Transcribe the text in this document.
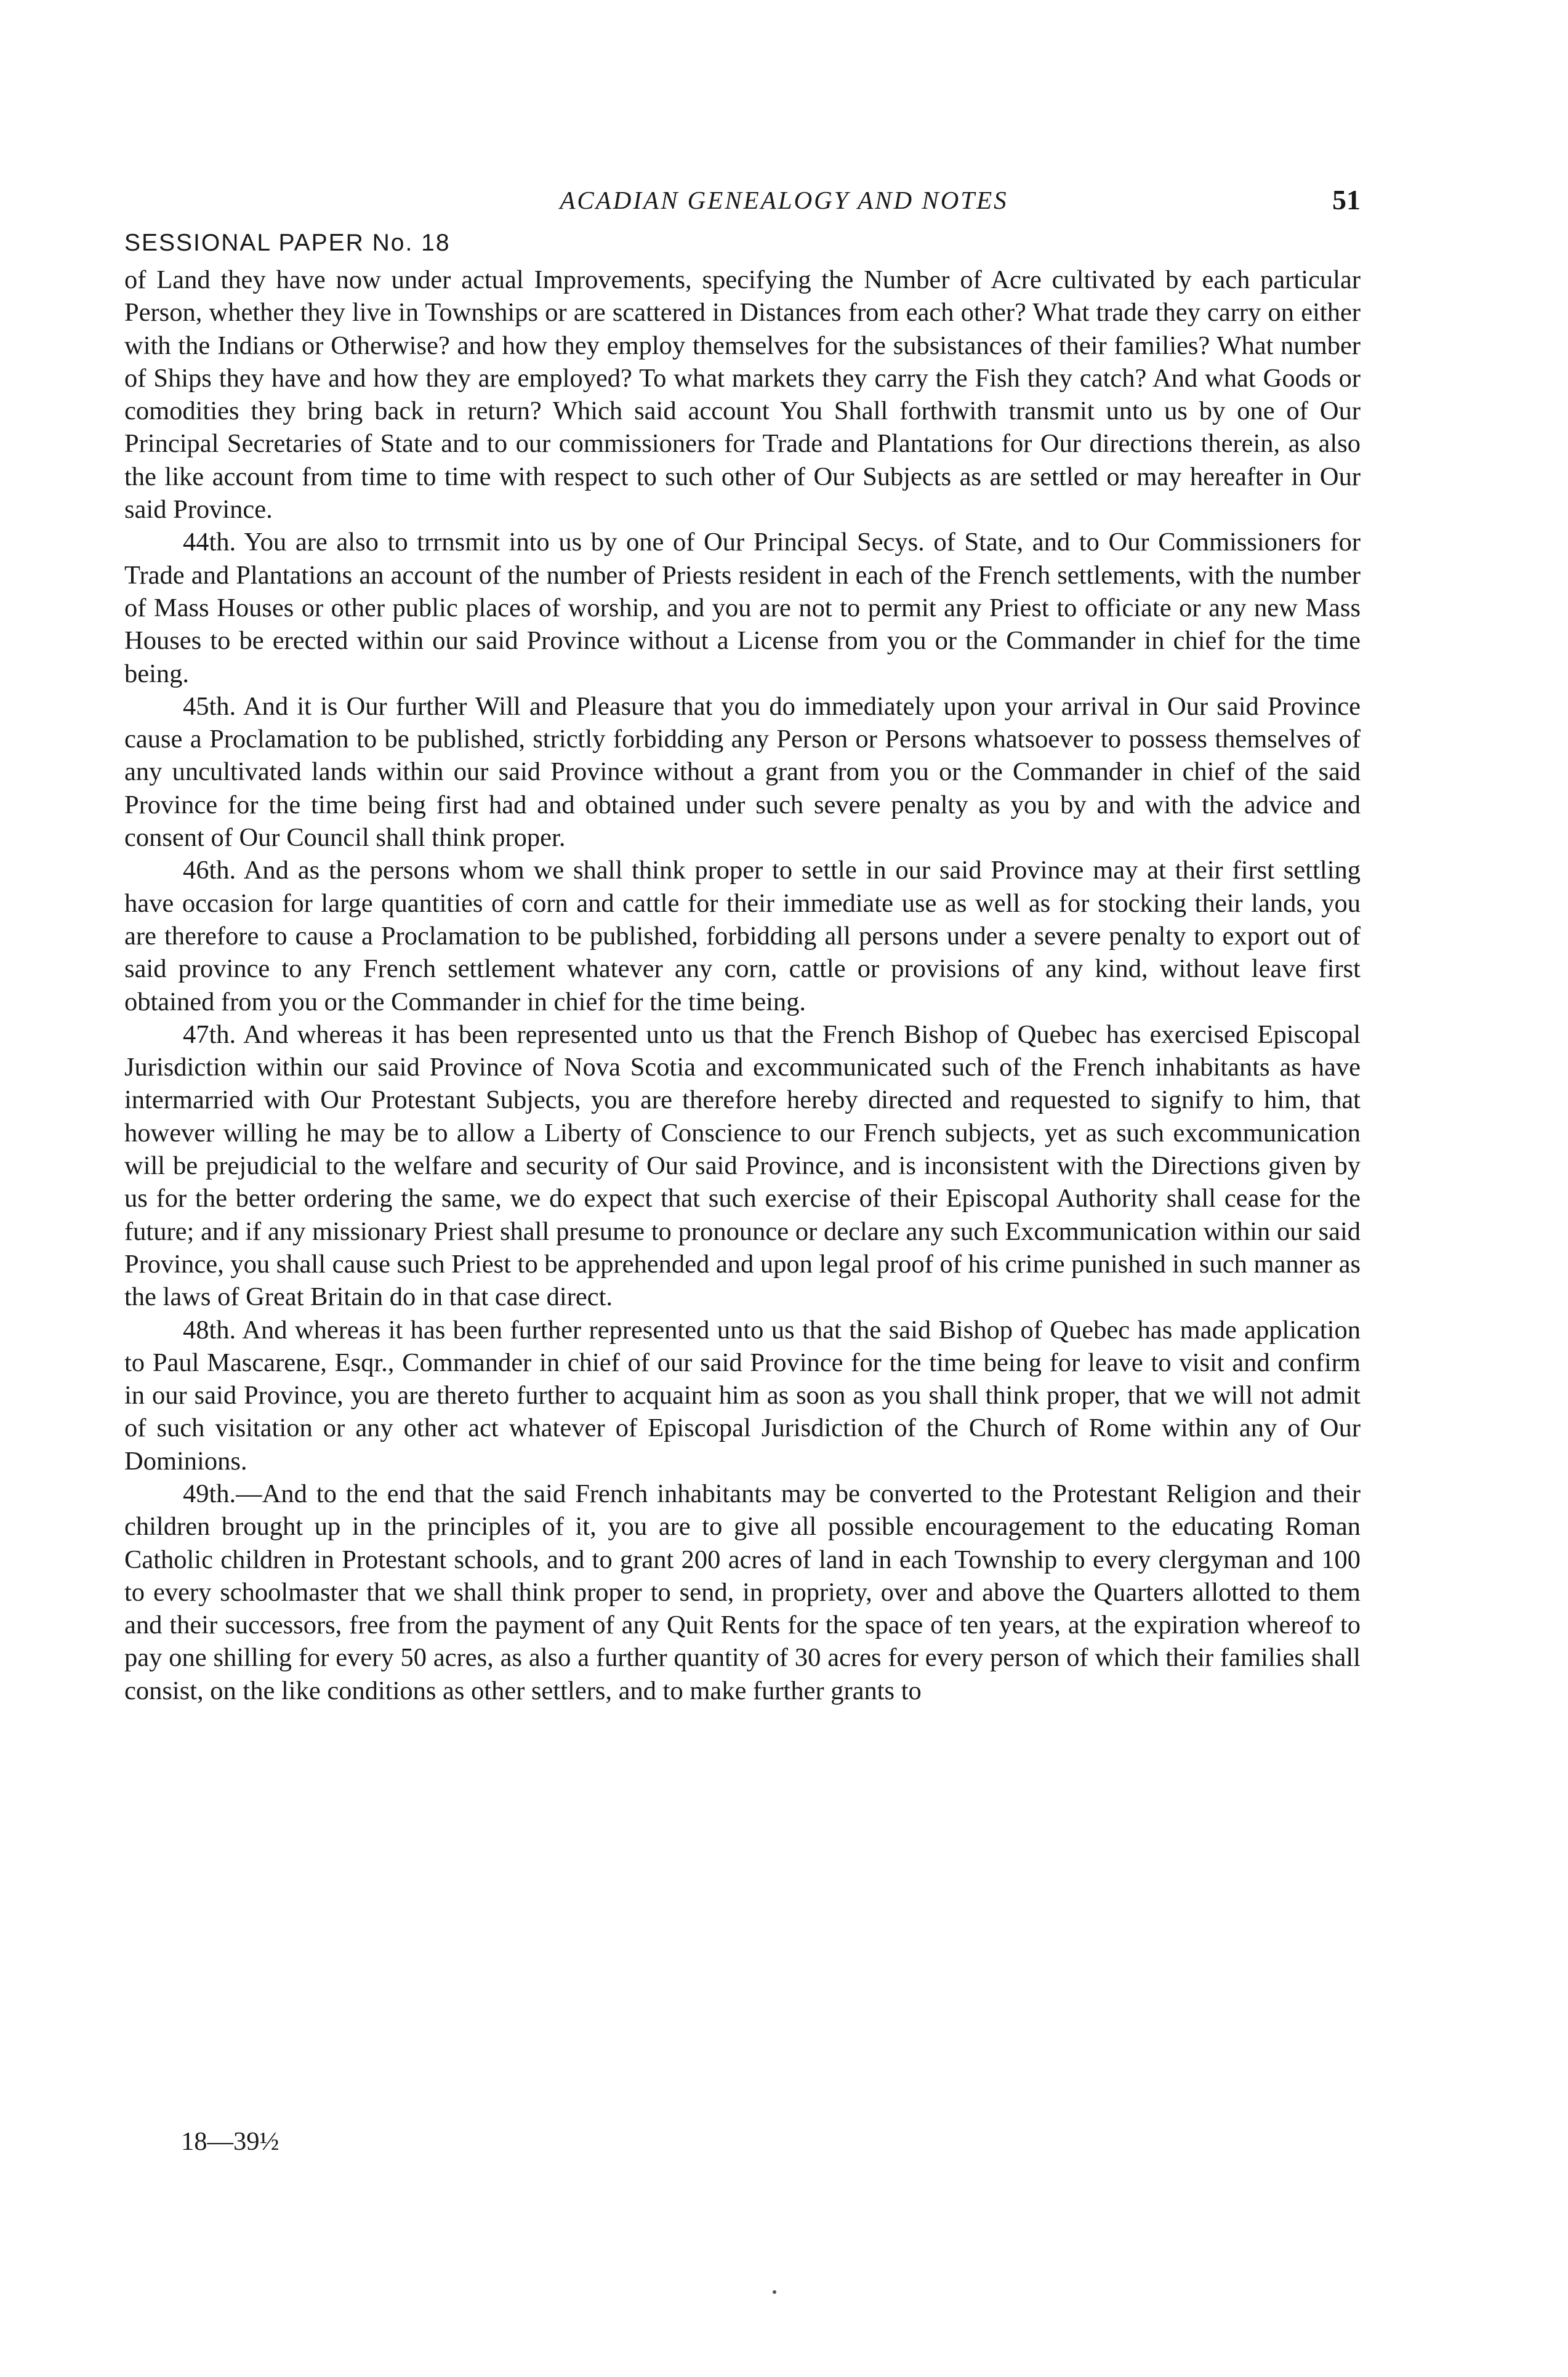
ACADIAN GENEALOGY AND NOTES	51
SESSIONAL PAPER No. 18

of Land they have now under actual Improvements, specifying the Number of Acre cultivated by each particular Person, whether they live in Townships or are scattered in Distances from each other? What trade they carry on either with the Indians or Otherwise? and how they employ themselves for the subsistances of their families? What number of Ships they have and how they are employed? To what markets they carry the Fish they catch? And what Goods or comodities they bring back in return? Which said account You Shall forthwith transmit unto us by one of Our Principal Secretaries of State and to our commissioners for Trade and Plantations for Our directions therein, as also the like account from time to time with respect to such other of Our Subjects as are settled or may hereafter in Our said Province.

44th. You are also to trrnsmit into us by one of Our Principal Secys. of State, and to Our Commissioners for Trade and Plantations an account of the number of Priests resident in each of the French settlements, with the number of Mass Houses or other public places of worship, and you are not to permit any Priest to officiate or any new Mass Houses to be erected within our said Province without a License from you or the Commander in chief for the time being.

45th. And it is Our further Will and Pleasure that you do immediately upon your arrival in Our said Province cause a Proclamation to be published, strictly forbidding any Person or Persons whatsoever to possess themselves of any uncultivated lands within our said Province without a grant from you or the Commander in chief of the said Province for the time being first had and obtained under such severe penalty as you by and with the advice and consent of Our Council shall think proper.

46th. And as the persons whom we shall think proper to settle in our said Province may at their first settling have occasion for large quantities of corn and cattle for their immediate use as well as for stocking their lands, you are therefore to cause a Proclamation to be published, forbidding all persons under a severe penalty to export out of said province to any French settlement whatever any corn, cattle or provisions of any kind, without leave first obtained from you or the Commander in chief for the time being.

47th. And whereas it has been represented unto us that the French Bishop of Quebec has exercised Episcopal Jurisdiction within our said Province of Nova Scotia and excommunicated such of the French inhabitants as have intermarried with Our Protestant Subjects, you are therefore hereby directed and requested to signify to him, that however willing he may be to allow a Liberty of Conscience to our French subjects, yet as such excommunication will be prejudicial to the welfare and security of Our said Province, and is inconsistent with the Directions given by us for the better ordering the same, we do expect that such exercise of their Episcopal Authority shall cease for the future; and if any missionary Priest shall presume to pronounce or declare any such Excommunication within our said Province, you shall cause such Priest to be apprehended and upon legal proof of his crime punished in such manner as the laws of Great Britain do in that case direct.

48th. And whereas it has been further represented unto us that the said Bishop of Quebec has made application to Paul Mascarene, Esqr., Commander in chief of our said Province for the time being for leave to visit and confirm in our said Province, you are thereto further to acquaint him as soon as you shall think proper, that we will not admit of such visitation or any other act whatever of Episcopal Jurisdiction of the Church of Rome within any of Our Dominions.

49th.—And to the end that the said French inhabitants may be converted to the Protestant Religion and their children brought up in the principles of it, you are to give all possible encouragement to the educating Roman Catholic children in Protestant schools, and to grant 200 acres of land in each Township to every clergyman and 100 to every schoolmaster that we shall think proper to send, in propriety, over and above the Quarters allotted to them and their successors, free from the payment of any Quit Rents for the space of ten years, at the expiration whereof to pay one shilling for every 50 acres, as also a further quantity of 30 acres for every person of which their families shall consist, on the like conditions as other settlers, and to make further grants to

18—39½
